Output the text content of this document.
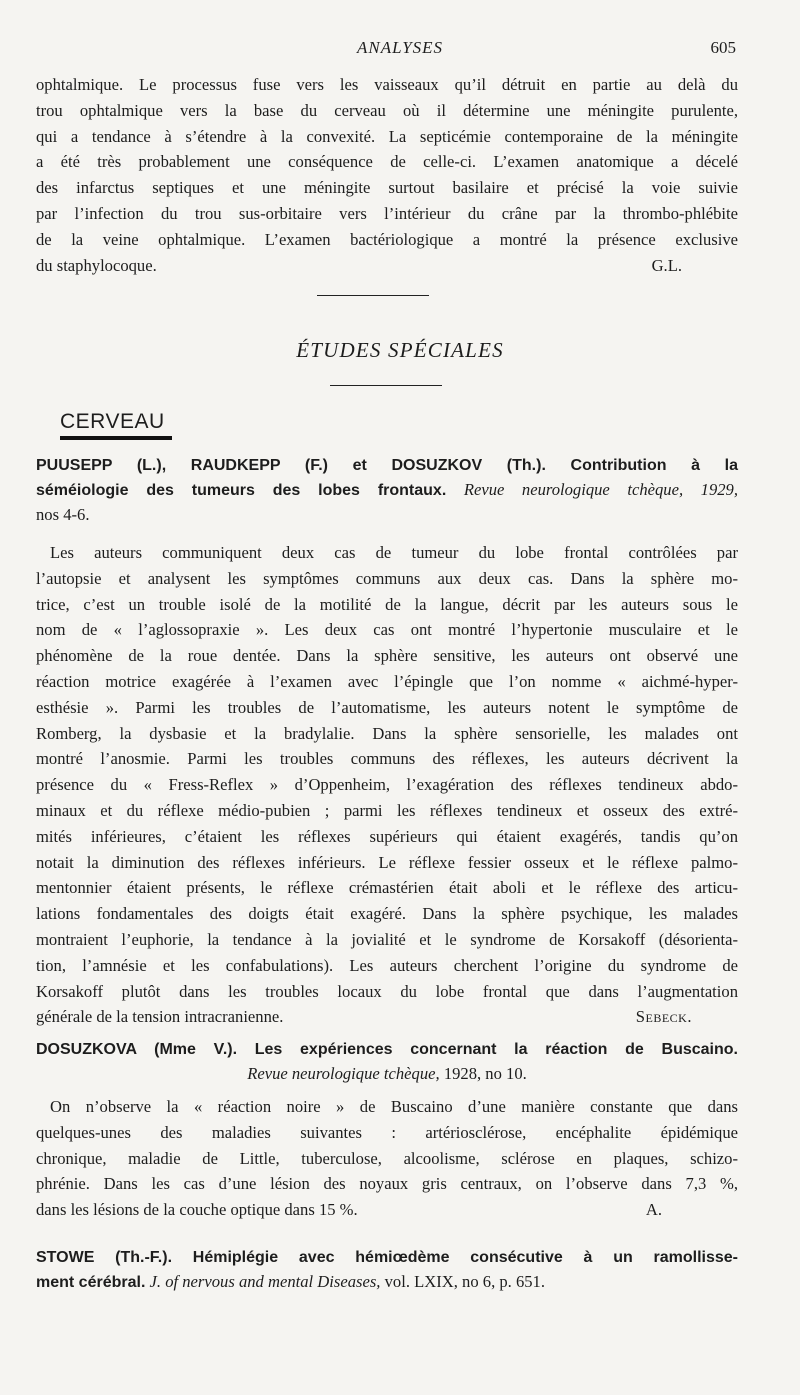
ANALYSES	605
ophtalmique. Le processus fuse vers les vaisseaux qu’il détruit en partie au delà du
trou ophtalmique vers la base du cerveau où il détermine une méningite purulente,
qui a tendance à s’étendre à la convexité. La septicémie contemporaine de la méningite
a été très probablement une conséquence de celle-ci. L’examen anatomique a décelé
des infarctus septiques et une méningite surtout basilaire et précisé la voie suivie
par l’infection du trou sus-orbitaire vers l’intérieur du crâne par la thrombo-phlébite
de la veine ophtalmique. L’examen bactériologique a montré la présence exclusive
du staphylocoque.	G.L.
ÉTUDES SPÉCIALES
CERVEAU
PUUSEPP (L.), RAUDKEPP (F.) et DOSUZKOV (Th.). Contribution à la
séméiologie des tumeurs des lobes frontaux. Revue neurologique tchèque, 1929,
nos 4-6.
Les auteurs communiquent deux cas de tumeur du lobe frontal contrôlées par
l’autopsie et analysent les symptômes communs aux deux cas. Dans la sphère mo-
trice, c’est un trouble isolé de la motilité de la langue, décrit par les auteurs sous le
nom de « l’aglossopraxie ». Les deux cas ont montré l’hypertonie musculaire et le
phénomène de la roue dentée. Dans la sphère sensitive, les auteurs ont observé une
réaction motrice exagérée à l’examen avec l’épingle que l’on nomme « aichmé-hyper-
esthésie ». Parmi les troubles de l’automatisme, les auteurs notent le symptôme de
Romberg, la dysbasie et la bradylalie. Dans la sphère sensorielle, les malades ont
montré l’anosmie. Parmi les troubles communs des réflexes, les auteurs décrivent la
présence du « Fress-Reflex » d’Oppenheim, l’exagération des réflexes tendineux abdo-
minaux et du réflexe médio-pubien ; parmi les réflexes tendineux et osseux des extré-
mités inférieures, c’étaient les réflexes supérieurs qui étaient exagérés, tandis qu’on
notait la diminution des réflexes inférieurs. Le réflexe fessier osseux et le réflexe palmo-
mentonnier étaient présents, le réflexe crémastérien était aboli et le réflexe des articu-
lations fondamentales des doigts était exagéré. Dans la sphère psychique, les malades
montraient l’euphorie, la tendance à la jovialité et le syndrome de Korsakoff (désorienta-
tion, l’amnésie et les confabulations). Les auteurs cherchent l’origine du syndrome de
Korsakoff plutôt dans les troubles locaux du lobe frontal que dans l’augmentation
générale de la tension intracranienne.	Sebeck.
DOSUZKOVA (Mme V.). Les expériences concernant la réaction de Buscaino.
Revue neurologique tchèque, 1928, no 10.
On n’observe la « réaction noire » de Buscaino d’une manière constante que dans
quelques-unes des maladies suivantes : artériosclérose, encéphalite épidémique
chronique, maladie de Little, tuberculose, alcoolisme, sclérose en plaques, schizo-
phrénie. Dans les cas d’une lésion des noyaux gris centraux, on l’observe dans 7,3 %,
dans les lésions de la couche optique dans 15 %.	A.
STOWE (Th.-F.). Hémiplégie avec hémiœdème consécutive à un ramollisse-
ment cérébral. J. of nervous and mental Diseases, vol. LXIX, no 6, p. 651.
